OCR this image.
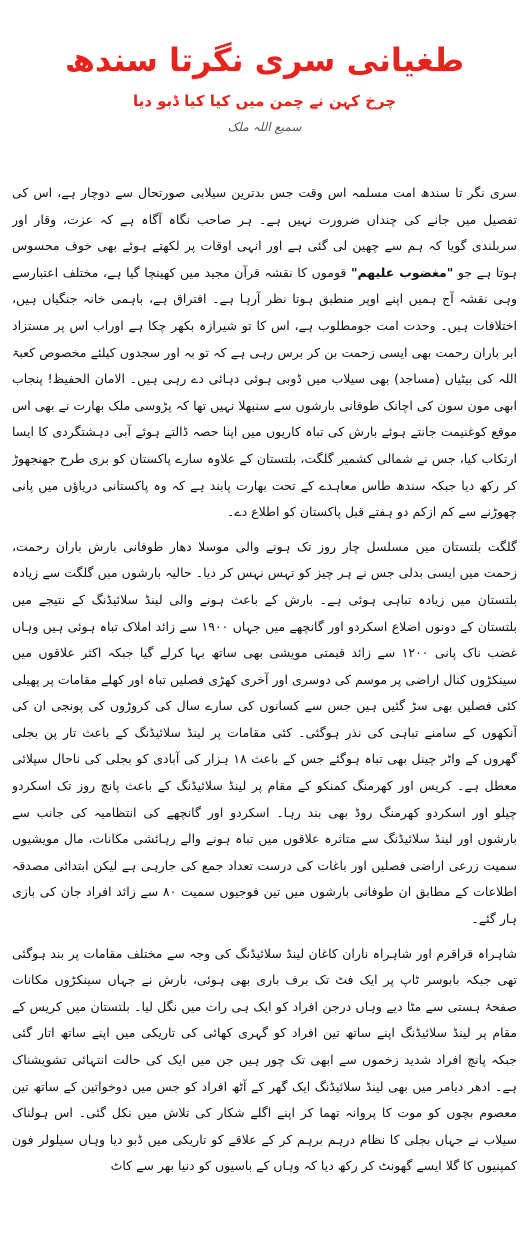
طغیانی سری نگرتا سندھ
چرخ کہن نے چمن میں کیا کیا ڈبو دیا
سمیع اللہ ملک

سری نگر تا سندھ امت مسلمہ اس وقت جس بدترین سیلابی صورتحال سے دوچار ہے، اس کی تفصیل میں جانے کی چنداں ضرورت نہیں ہے۔ ہر صاحب نگاہ آگاہ ہے کہ عزت، وقار اور سربلندی گویا کہ ہم سے چھین لی گئی ہے اور انہی اوقات پر لکھتے ہوئے بھی خوف محسوس ہوتا ہے جو "مغضوب علیھم" قوموں کا نقشہ قرآن مجید میں کھینچا گیا ہے، مختلف اعتبارسے وہی نقشہ آج ہمیں اپنے اوپر منطبق ہوتا نظر آرہا ہے۔ افتراق ہے، باہمی خانہ جنگیاں ہیں، اختلافات ہیں۔ وحدت امت جومطلوب ہے، اس کا تو شیرازہ بکھر چکا ہے اوراب اس پر مستزاد ابر باران رحمت بھی ایسی زحمت بن کر برس رہی ہے کہ تو بہ اور سجدوں کیلئے مخصوص کعبۃ اللہ کی بیٹیاں (مساجد) بھی سیلاب میں ڈوبی ہوئی دہائی دے رہی ہیں۔ الامان الحفیظ! پنجاب ابھی مون سون کی اچانک طوفانی بارشوں سے سنبھلا نہیں تھا کہ پڑوسی ملک بھارت نے بھی اس موقع کوغنیمت جانتے ہوئے بارش کی تباہ کاریوں میں اپنا حصہ ڈالتے ہوئے آبی دہشتگردی کا ایسا ارتکاب کیا، جس نے شمالی کشمیر گلگت، بلتستان کے علاوہ سارے پاکستان کو بری طرح جھنجھوڑ کر رکھ دیا جبکہ سندھ طاس معاہدے کے تحت بھارت پابند ہے کہ وہ پاکستانی دریاؤں میں پانی چھوڑنے سے کم ازکم دو ہفتے قبل پاکستان کو اطلاع دے۔

گلگت بلتستان میں مسلسل چار روز تک ہونے والی موسلا دھار طوفانی بارش باران رحمت، زحمت میں ایسی بدلی جس نے ہر چیز کو تہس نہس کر دیا۔ حالیہ بارشوں میں گلگت سے زیادہ بلتستان میں زیادہ تباہی ہوئی ہے۔ بارش کے باعث ہونے والی لینڈ سلائیڈنگ کے نتیجے میں بلتستان کے دونوں اضلاع اسکردو اور گانچھے میں جہاں ۱۹۰۰ سے زائد املاک تباہ ہوئی ہیں وہاں غضب ناک پانی ۱۲۰۰ سے زائد قیمتی مویشی بھی ساتھ بہا کرلے گیا جبکہ اکثر علاقوں میں سینکڑوں کنال اراضی پر موسم کی دوسری اور آخری کھڑی فصلیں تباہ اور کھلے مقامات پر پھیلی کئی فصلیں بھی سڑ گئیں ہیں جس سے کسانوں کی سارے سال کی کروڑوں کی پونجی ان کی آنکھوں کے سامنے تباہی کی نذر ہوگئی۔ کئی مقامات پر لینڈ سلائیڈنگ کے باعث تار پن بجلی گھروں کے واٹر چینل بھی تباہ ہوگئے جس کے باعث ۱۸ ہزار کی آبادی کو بجلی کی ناحال سپلائی معطل ہے۔ کریس اور کھرمنگ کمنکو کے مقام پر لینڈ سلائیڈنگ کے باعث پانچ روز تک اسکردو چیلو اور اسکردو کھرمنگ روڈ بھی بند رہا۔ اسکردو اور گانچھے کی انتظامیہ کی جانب سے بارشوں اور لینڈ سلائیڈنگ سے متاثرہ علاقوں میں تباہ ہونے والے رہائشی مکانات، مال مویشیوں سمیت زرعی اراضی فصلیں اور باغات کی درست تعداد جمع کی جارہی ہے لیکن ابتدائی مصدقہ اطلاعات کے مطابق ان طوفانی بارشوں میں تین فوجیوں سمیت ۸۰ سے زائد افراد جان کی بازی ہار گئے۔

شاہراہ قراقرم اور شاہراہ ناران کاغان لینڈ سلائیڈنگ کی وجہ سے مختلف مقامات پر بند ہوگئی تھی جبکہ بابوسر ٹاپ پر ایک فٹ تک برف باری بھی ہوئی، بارش نے جہاں سینکڑوں مکانات صفحۂ ہستی سے مٹا دیے وہاں درجن افراد کو ایک ہی رات میں نگل لیا۔ بلتستان میں کریس کے مقام پر لینڈ سلائیڈنگ اپنے ساتھ تین افراد کو گہری کھائی کی تاریکی میں اپنے ساتھ اتار گئی جبکہ پانچ افراد شدید زخموں سے ابھی تک چور ہیں جن میں ایک کی حالت انتہائی تشویشناک ہے۔ ادھر دیامر میں بھی لینڈ سلائیڈنگ ایک گھر کے آٹھ افراد کو جس میں دوخواتین کے ساتھ تین معصوم بچوں کو موت کا پروانہ تھما کر اپنے اگلے شکار کی تلاش میں نکل گئی۔ اس ہولناک سیلاب نے جہاں بجلی کا نظام درہم برہم کر کے علاقے کو تاریکی میں ڈبو دیا وہاں سیلولر فون کمپنیوں کا گلا ایسے گھونٹ کر رکھ دیا کہ وہاں کے باسیوں کو دنیا بھر سے کاٹ
